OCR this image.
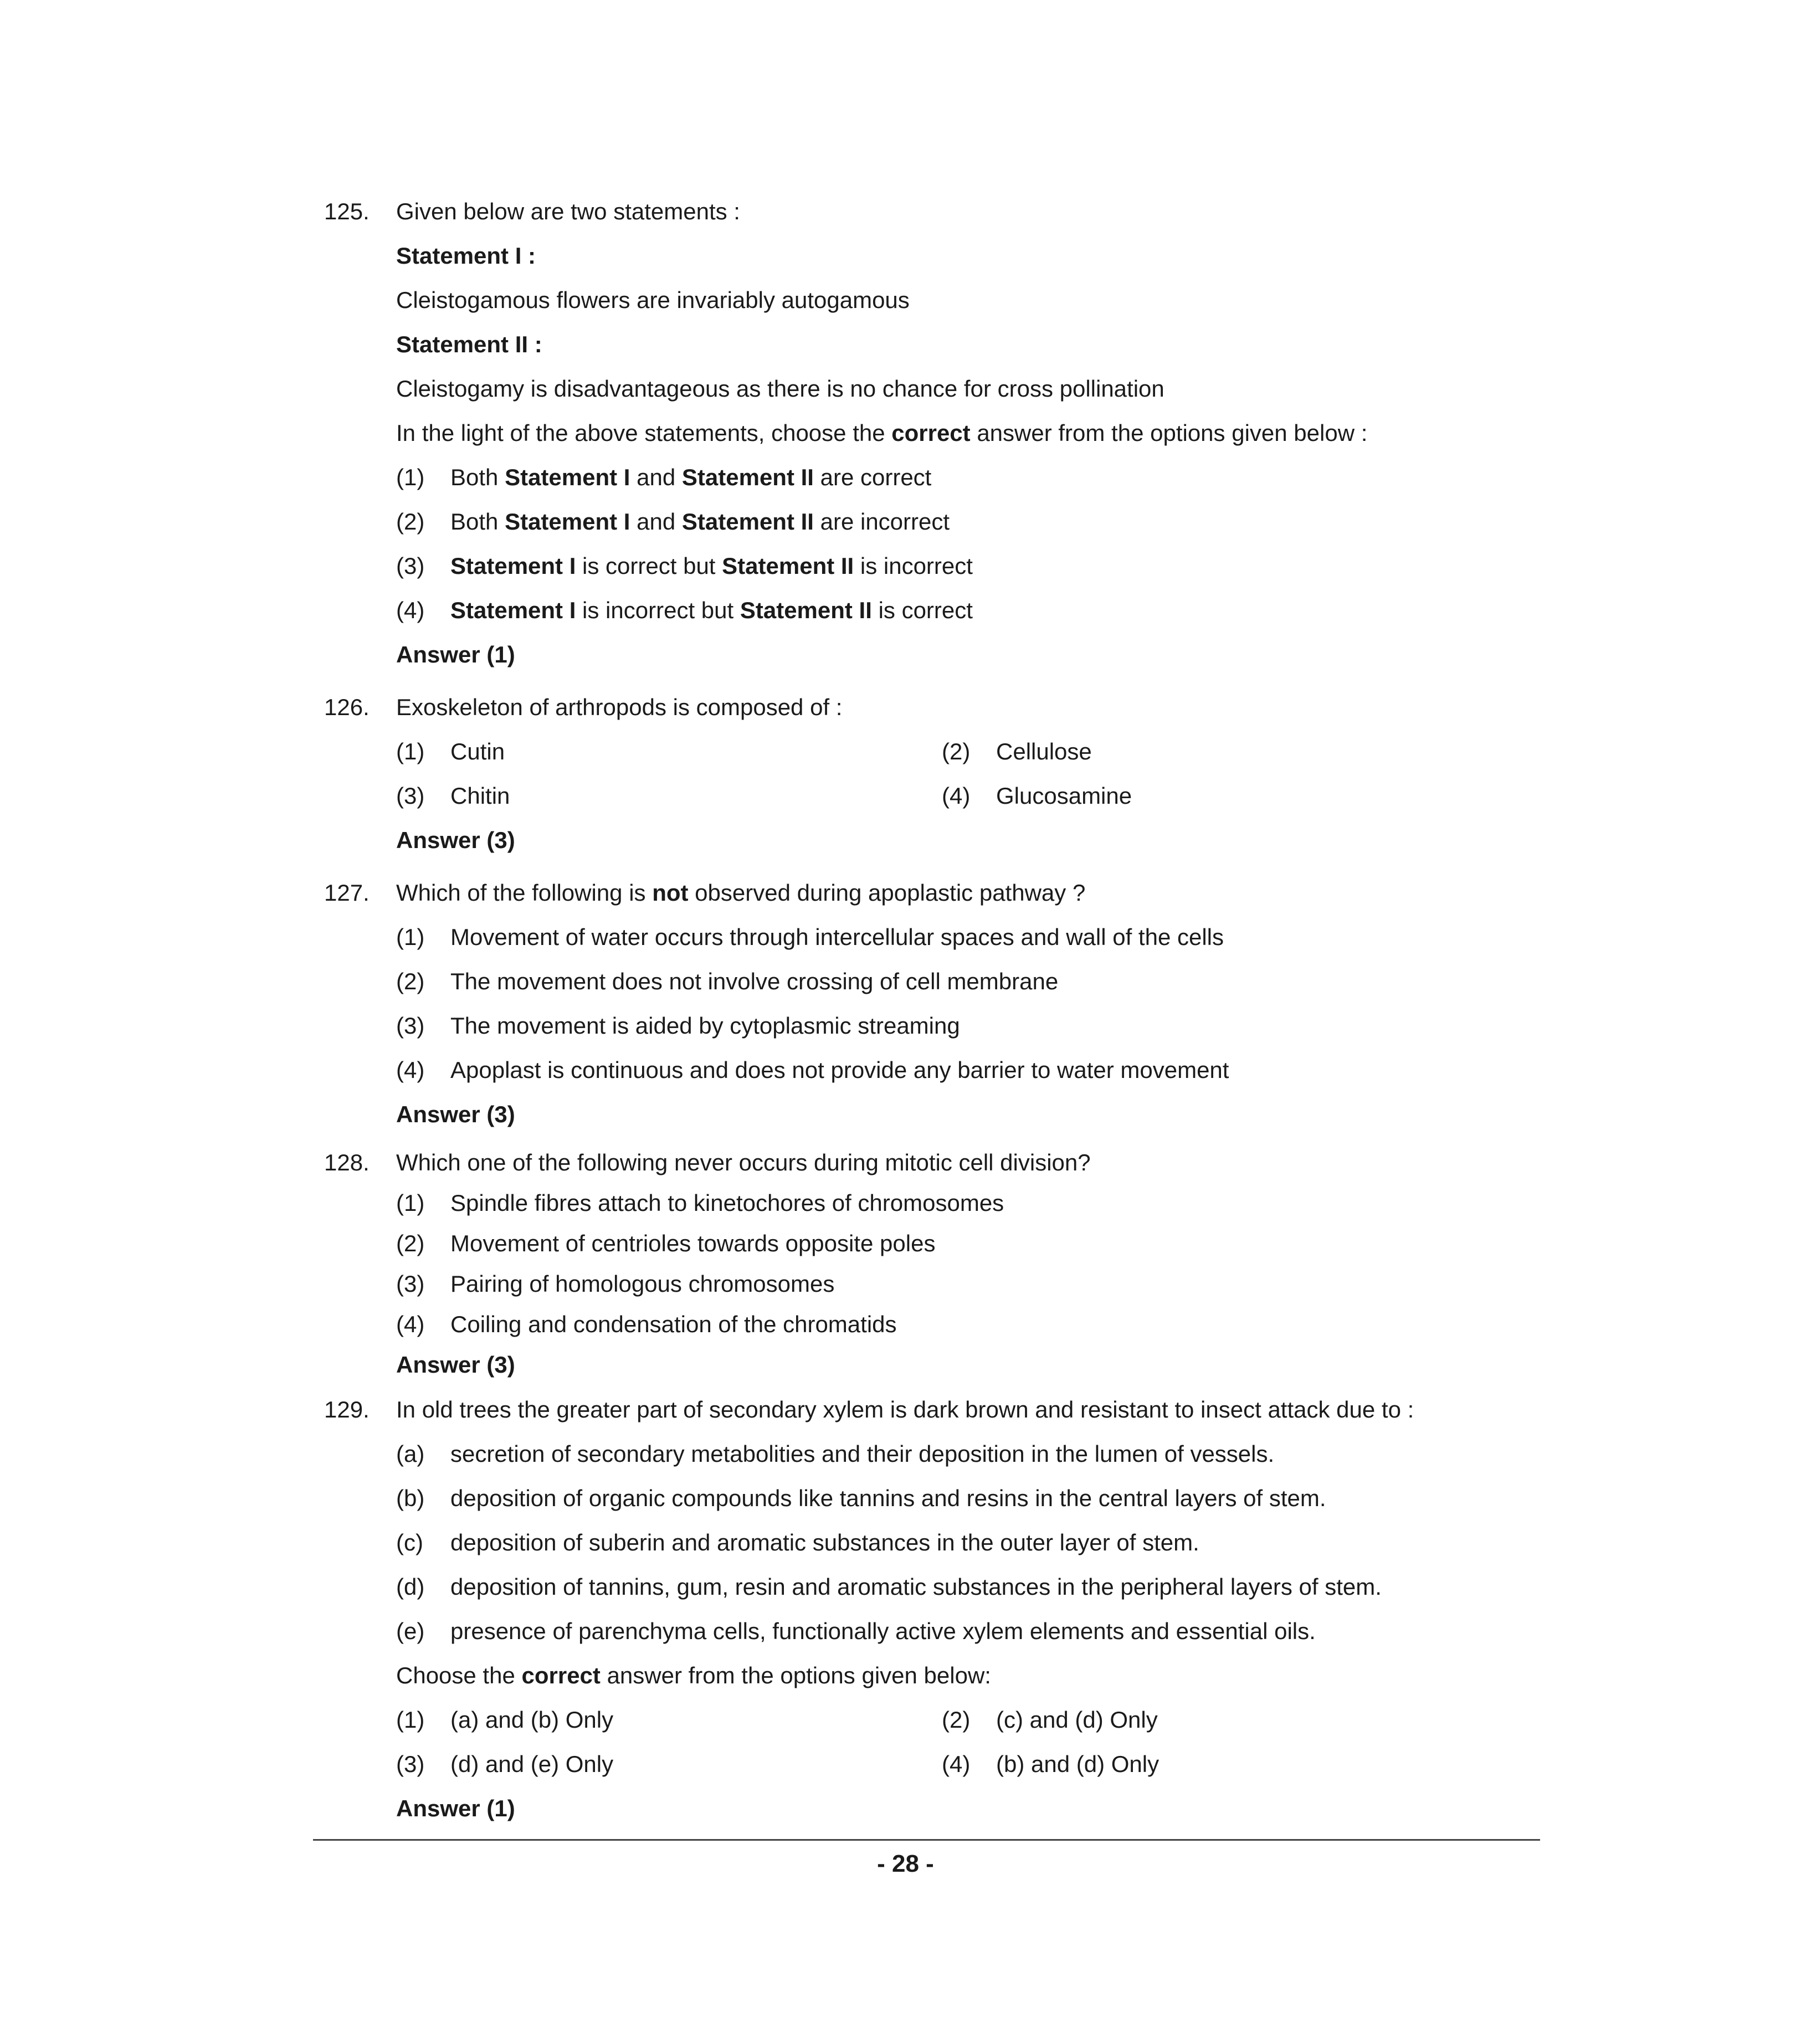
125.	Given below are two statements :
Statement I :
Cleistogamous flowers are invariably autogamous
Statement II :
Cleistogamy is disadvantageous as there is no chance for cross pollination
In the light of the above statements, choose the correct answer from the options given below :
(1)	Both Statement I and Statement II are correct
(2)	Both Statement I and Statement II are incorrect
(3)	Statement I is correct but Statement II is incorrect
(4)	Statement I is incorrect but Statement II is correct
Answer (1)
126.	Exoskeleton of arthropods is composed of :
(1)	Cutin	(2)	Cellulose
(3)	Chitin	(4)	Glucosamine
Answer (3)
127.	Which of the following is not observed during apoplastic pathway ?
(1)	Movement of water occurs through intercellular spaces and wall of the cells
(2)	The movement does not involve crossing of cell membrane
(3)	The movement is aided by cytoplasmic streaming
(4)	Apoplast is continuous and does not provide any barrier to water movement
Answer (3)
128.	Which one of the following never occurs during mitotic cell division?
(1)	Spindle fibres attach to kinetochores of chromosomes
(2)	Movement of centrioles towards opposite poles
(3)	Pairing of homologous chromosomes
(4)	Coiling and condensation of the chromatids
Answer (3)
129.	In old trees the greater part of secondary xylem is dark brown and resistant to insect attack due to :
(a)	secretion of secondary metabolities and their deposition in the lumen of vessels.
(b)	deposition of organic compounds like tannins and resins in the central layers of stem.
(c)	deposition of suberin and aromatic substances in the outer layer of stem.
(d)	deposition of tannins, gum, resin and aromatic substances in the peripheral layers of stem.
(e)	presence of parenchyma cells, functionally active xylem elements and essential oils.
Choose the correct answer from the options given below:
(1)	(a) and (b) Only	(2)	(c) and (d) Only
(3)	(d) and (e) Only	(4)	(b) and (d) Only
Answer (1)
- 28 -
